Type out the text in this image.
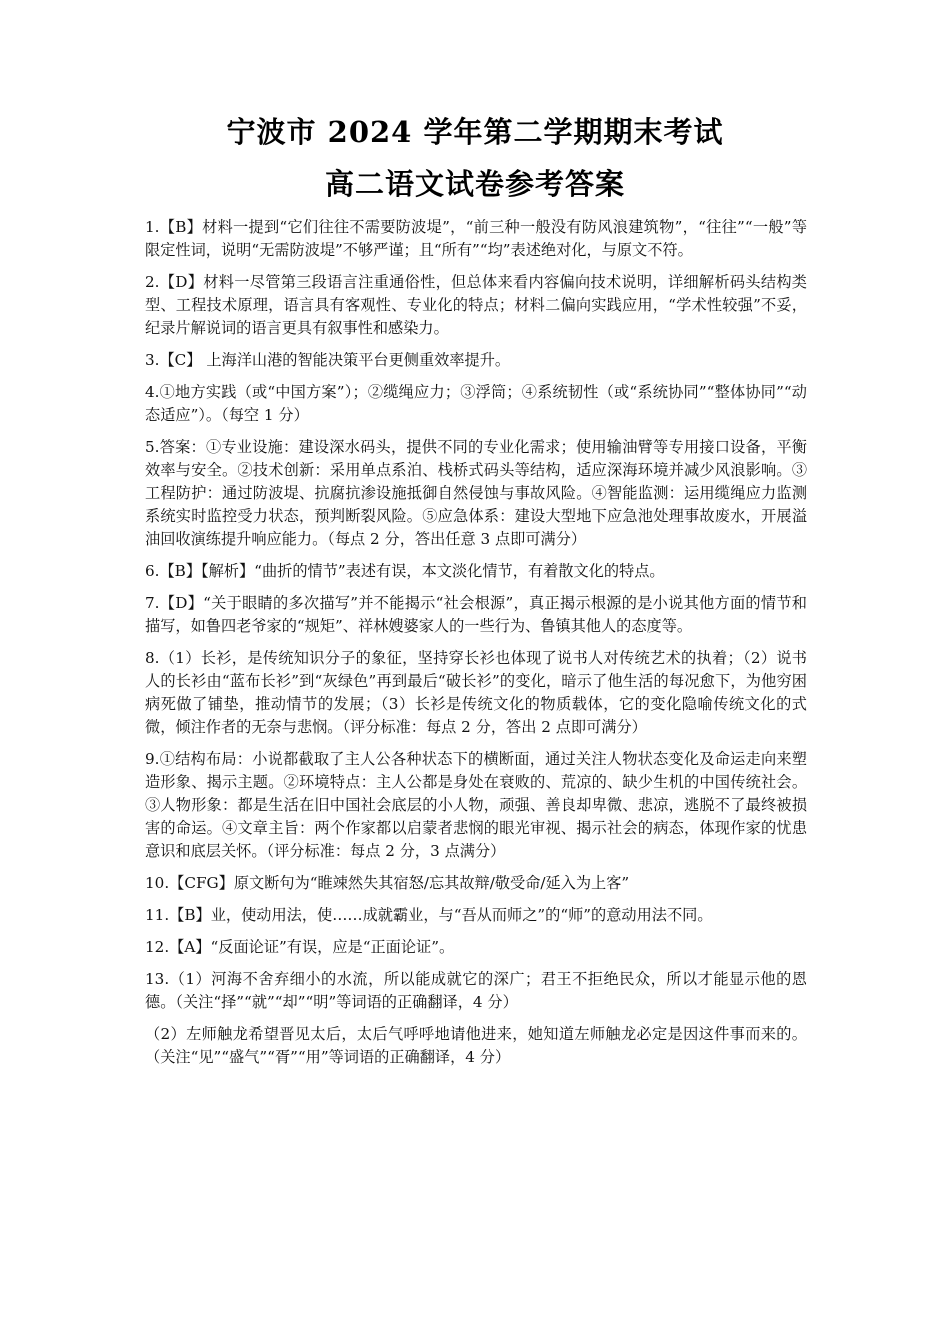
宁波市 2024 学年第二学期期末考试
高二语文试卷参考答案

1.【B】材料一提到“它们往往不需要防波堤”，“前三种一般没有防风浪建筑物”，“往往”“一般”等限定性词，说明“无需防波堤”不够严谨；且“所有”“均”表述绝对化，与原文不符。

2.【D】材料一尽管第三段语言注重通俗性，但总体来看内容偏向技术说明，详细解析码头结构类型、工程技术原理，语言具有客观性、专业化的特点；材料二偏向实践应用，“学术性较强”不妥，纪录片解说词的语言更具有叙事性和感染力。

3.【C】 上海洋山港的智能决策平台更侧重效率提升。

4.①地方实践（或“中国方案”）；②缆绳应力；③浮筒；④系统韧性（或“系统协同”“整体协同”“动态适应”）。（每空 1 分）

5.答案：①专业设施：建设深水码头，提供不同的专业化需求；使用输油臂等专用接口设备，平衡效率与安全。②技术创新：采用单点系泊、栈桥式码头等结构，适应深海环境并减少风浪影响。③工程防护：通过防波堤、抗腐抗渗设施抵御自然侵蚀与事故风险。④智能监测：运用缆绳应力监测系统实时监控受力状态，预判断裂风险。⑤应急体系：建设大型地下应急池处理事故废水，开展溢油回收演练提升响应能力。（每点 2 分，答出任意 3 点即可满分）

6.【B】【解析】“曲折的情节”表述有误，本文淡化情节，有着散文化的特点。

7.【D】“关于眼睛的多次描写”并不能揭示“社会根源”，真正揭示根源的是小说其他方面的情节和描写，如鲁四老爷家的“规矩”、祥林嫂婆家人的一些行为、鲁镇其他人的态度等。

8.（1）长衫，是传统知识分子的象征，坚持穿长衫也体现了说书人对传统艺术的执着；（2）说书人的长衫由“蓝布长衫”到“灰绿色”再到最后“破长衫”的变化，暗示了他生活的每况愈下，为他穷困病死做了铺垫，推动情节的发展；（3）长衫是传统文化的物质载体，它的变化隐喻传统文化的式微，倾注作者的无奈与悲悯。（评分标准：每点 2 分，答出 2 点即可满分）

9.①结构布局：小说都截取了主人公各种状态下的横断面，通过关注人物状态变化及命运走向来塑造形象、揭示主题。②环境特点：主人公都是身处在衰败的、荒凉的、缺少生机的中国传统社会。③人物形象：都是生活在旧中国社会底层的小人物，顽强、善良却卑微、悲凉，逃脱不了最终被损害的命运。④文章主旨：两个作家都以启蒙者悲悯的眼光审视、揭示社会的病态，体现作家的忧患意识和底层关怀。（评分标准：每点 2 分，3 点满分）

10.【CFG】原文断句为“睢竦然失其宿怒/忘其故辩/敬受命/延入为上客”

11.【B】业，使动用法，使……成就霸业，与“吾从而师之”的“师”的意动用法不同。

12.【A】“反面论证”有误，应是“正面论证”。

13.（1）河海不舍弃细小的水流，所以能成就它的深广；君王不拒绝民众，所以才能显示他的恩德。（关注“择”“就”“却”“明”等词语的正确翻译，4 分）

（2）左师触龙希望晋见太后，太后气呼呼地请他进来，她知道左师触龙必定是因这件事而来的。（关注“见”“盛气”“胥”“用”等词语的正确翻译，4 分）
